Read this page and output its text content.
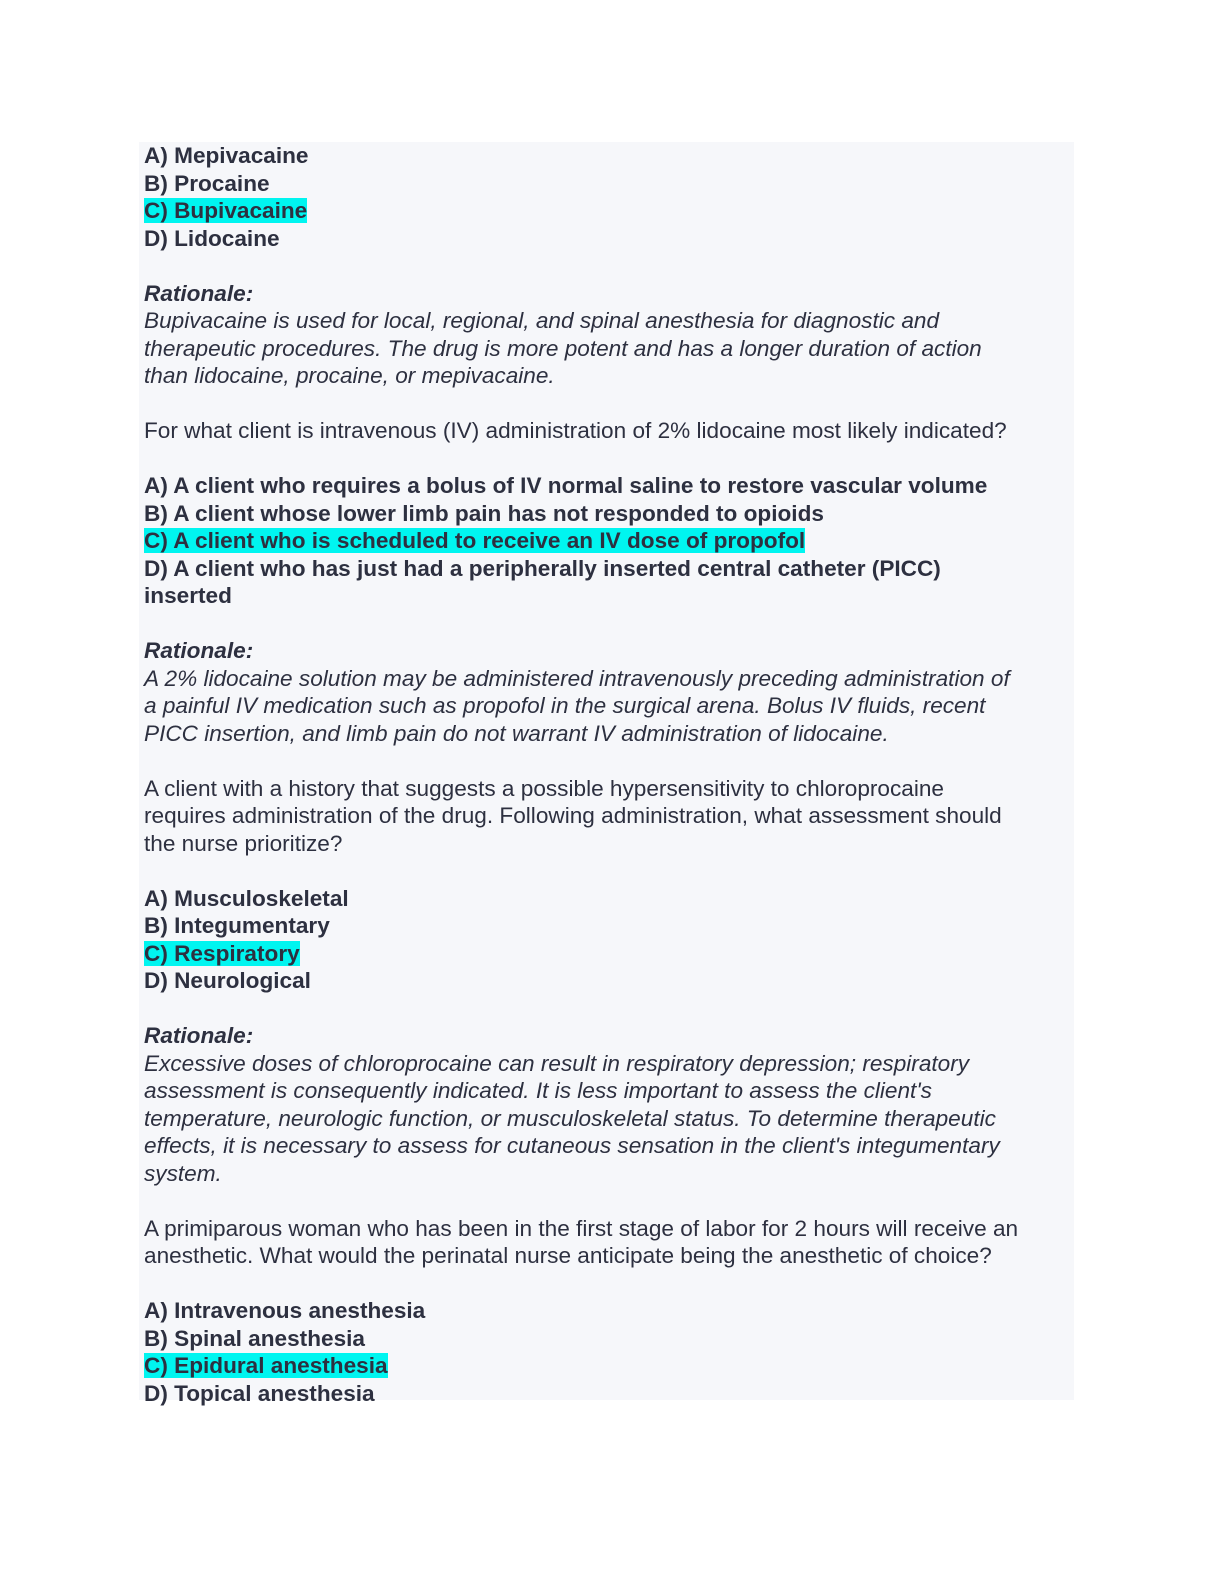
A) Mepivacaine
B) Procaine
C) Bupivacaine
D) Lidocaine
Rationale:
Bupivacaine is used for local, regional, and spinal anesthesia for diagnostic and
therapeutic procedures. The drug is more potent and has a longer duration of action
than lidocaine, procaine, or mepivacaine.
For what client is intravenous (IV) administration of 2% lidocaine most likely indicated?
A) A client who requires a bolus of IV normal saline to restore vascular volume
B) A client whose lower limb pain has not responded to opioids
C) A client who is scheduled to receive an IV dose of propofol
D) A client who has just had a peripherally inserted central catheter (PICC)
inserted
Rationale:
A 2% lidocaine solution may be administered intravenously preceding administration of
a painful IV medication such as propofol in the surgical arena. Bolus IV fluids, recent
PICC insertion, and limb pain do not warrant IV administration of lidocaine.
A client with a history that suggests a possible hypersensitivity to chloroprocaine
requires administration of the drug. Following administration, what assessment should
the nurse prioritize?
A) Musculoskeletal
B) Integumentary
C) Respiratory
D) Neurological
Rationale:
Excessive doses of chloroprocaine can result in respiratory depression; respiratory
assessment is consequently indicated. It is less important to assess the client's
temperature, neurologic function, or musculoskeletal status. To determine therapeutic
effects, it is necessary to assess for cutaneous sensation in the client's integumentary
system.
A primiparous woman who has been in the first stage of labor for 2 hours will receive an
anesthetic. What would the perinatal nurse anticipate being the anesthetic of choice?
A) Intravenous anesthesia
B) Spinal anesthesia
C) Epidural anesthesia
D) Topical anesthesia
